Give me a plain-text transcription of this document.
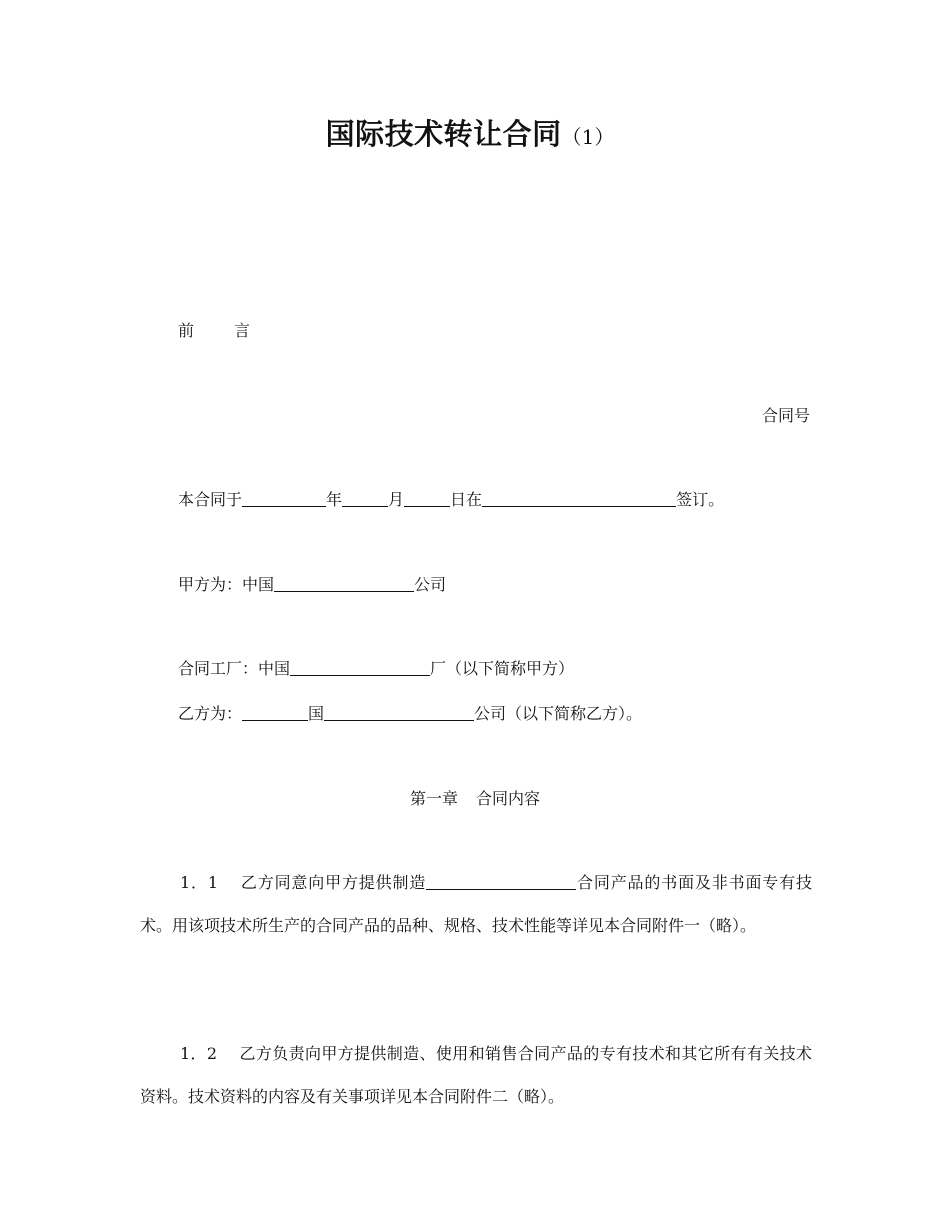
国际技术转让合同（1）
前	言
合同号
本合同于	年	月	日在	签订。
甲方为：中国	公司
合同工厂：中国	厂（以下简称甲方）
乙方为：	国	公司（以下简称乙方）。
第一章 合同内容
1．1 乙方同意向甲方提供制造	合同产品的书面及非书面专有技术。用该项技术所生产的合同产品的品种、规格、技术性能等详见本合同附件一（略）。
1．2 乙方负责向甲方提供制造、使用和销售合同产品的专有技术和其它所有有关技术资料。技术资料的内容及有关事项详见本合同附件二（略）。
